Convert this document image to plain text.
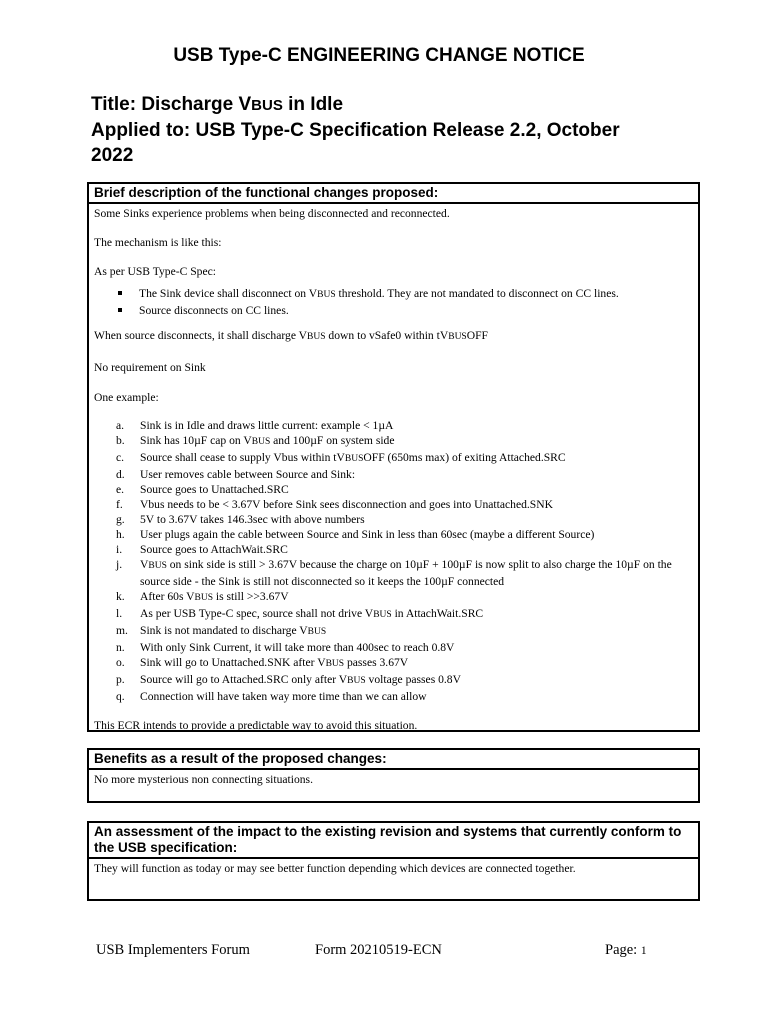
USB Type-C ENGINEERING CHANGE NOTICE
Title: Discharge VBUS in Idle
Applied to: USB Type-C Specification Release 2.2, October
2022
Brief description of the functional changes proposed:

Some Sinks experience problems when being disconnected and reconnected.

The mechanism is like this:

As per USB Type-C Spec:

The Sink device shall disconnect on VBUS threshold. They are not mandated to disconnect on CC lines.
Source disconnects on CC lines.

When source disconnects, it shall discharge VBUS down to vSafe0 within tVBUSOFF

No requirement on Sink

One example:

a. Sink is in Idle and draws little current: example < 1µA
b. Sink has 10µF cap on VBUS and 100µF on system side
c. Source shall cease to supply Vbus within tVBUSOFF (650ms max) of exiting Attached.SRC
d. User removes cable between Source and Sink:
e. Source goes to Unattached.SRC
f. Vbus needs to be < 3.67V before Sink sees disconnection and goes into Unattached.SNK
g. 5V to 3.67V takes 146.3sec with above numbers
h. User plugs again the cable between Source and Sink in less than 60sec (maybe a different Source)
i. Source goes to AttachWait.SRC
j. VBUS on sink side is still > 3.67V because the charge on 10µF + 100µF is now split to also charge the 10µF on the source side - the Sink is still not disconnected so it keeps the 100µF connected
k. After 60s VBUS is still >>3.67V
l. As per USB Type-C spec, source shall not drive VBUS in AttachWait.SRC
m. Sink is not mandated to discharge VBUS
n. With only Sink Current, it will take more than 400sec to reach 0.8V
o. Sink will go to Unattached.SNK after VBUS passes 3.67V
p. Source will go to Attached.SRC only after VBUS voltage passes 0.8V
q. Connection will have taken way more time than we can allow

This ECR intends to provide a predictable way to avoid this situation.

Benefits as a result of the proposed changes:
No more mysterious non connecting situations.
An assessment of the impact to the existing revision and systems that currently conform to the USB specification:
They will function as today or may see better function depending which devices are connected together.
USB Implementers Forum	Form 20210519-ECN	Page: 1
